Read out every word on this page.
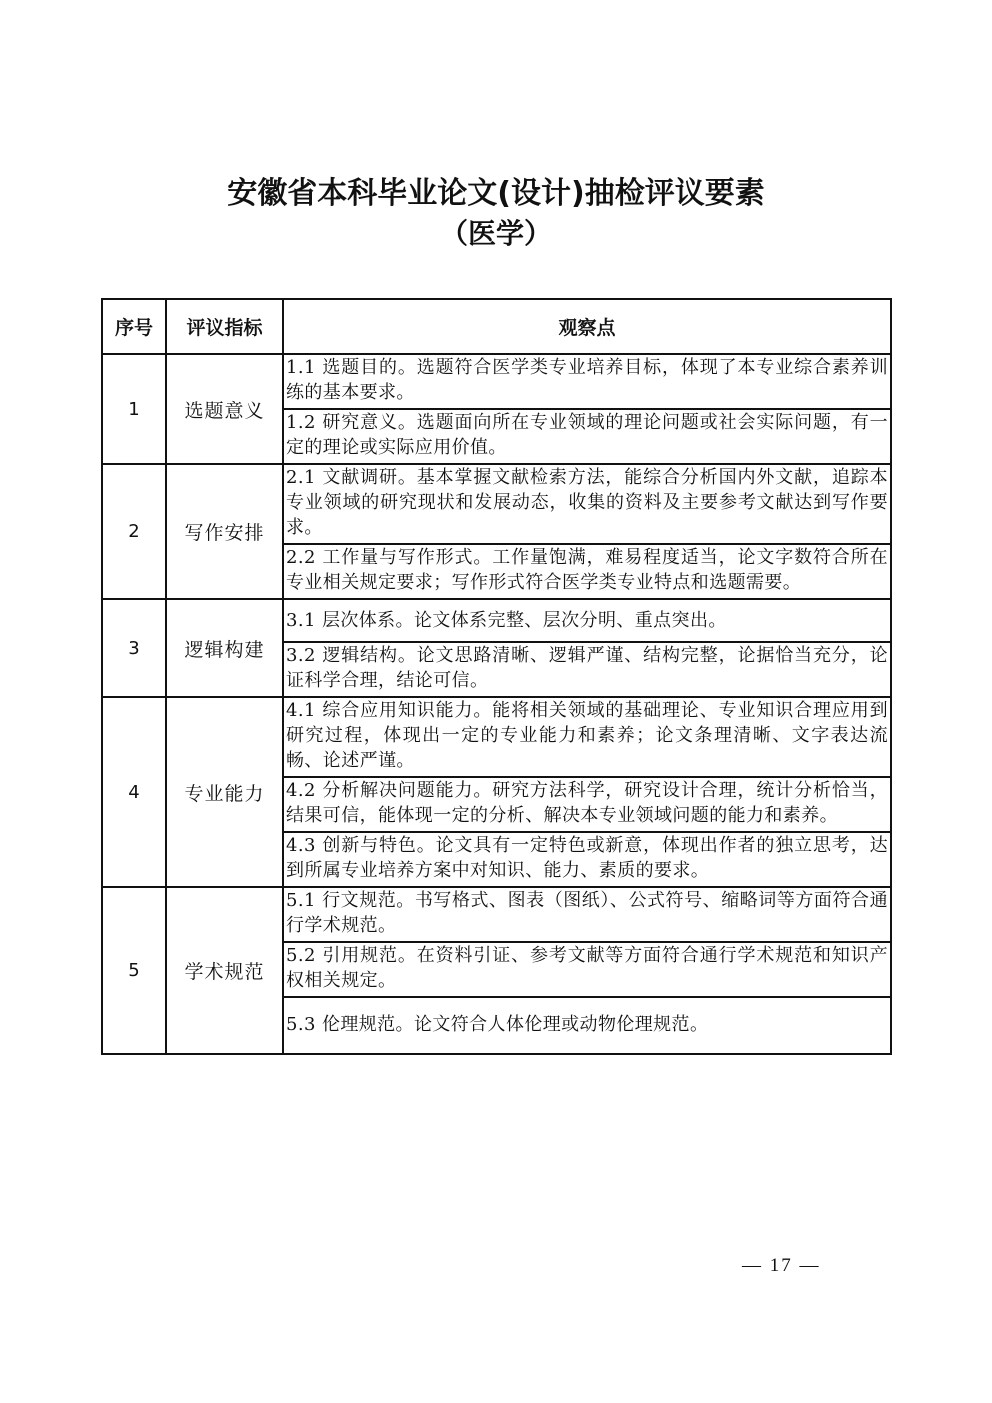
安徽省本科毕业论文(设计)抽检评议要素
（医学）
序号	评议指标	观察点
1	选题意义	1.1 选题目的。选题符合医学类专业培养目标，体现了本专业综合素养训练的基本要求。
1.2 研究意义。选题面向所在专业领域的理论问题或社会实际问题，有一定的理论或实际应用价值。

2	写作安排	2.1 文献调研。基本掌握文献检索方法，能综合分析国内外文献，追踪本专业领域的研究现状和发展动态，收集的资料及主要参考文献达到写作要求。
2.2 工作量与写作形式。工作量饱满，难易程度适当，论文字数符合所在专业相关规定要求；写作形式符合医学类专业特点和选题需要。

3	逻辑构建	3.1 层次体系。论文体系完整、层次分明、重点突出。
3.2 逻辑结构。论文思路清晰、逻辑严谨、结构完整，论据恰当充分，论证科学合理，结论可信。

4	专业能力	4.1 综合应用知识能力。能将相关领域的基础理论、专业知识合理应用到研究过程，体现出一定的专业能力和素养；论文条理清晰、文字表达流畅、论述严谨。
4.2 分析解决问题能力。研究方法科学，研究设计合理，统计分析恰当，结果可信，能体现一定的分析、解决本专业领域问题的能力和素养。
4.3 创新与特色。论文具有一定特色或新意，体现出作者的独立思考，达到所属专业培养方案中对知识、能力、素质的要求。

5	学术规范	5.1 行文规范。书写格式、图表（图纸）、公式符号、缩略词等方面符合通行学术规范。
5.2 引用规范。在资料引证、参考文献等方面符合通行学术规范和知识产权相关规定。
5.3 伦理规范。论文符合人体伦理或动物伦理规范。
— 17 —
